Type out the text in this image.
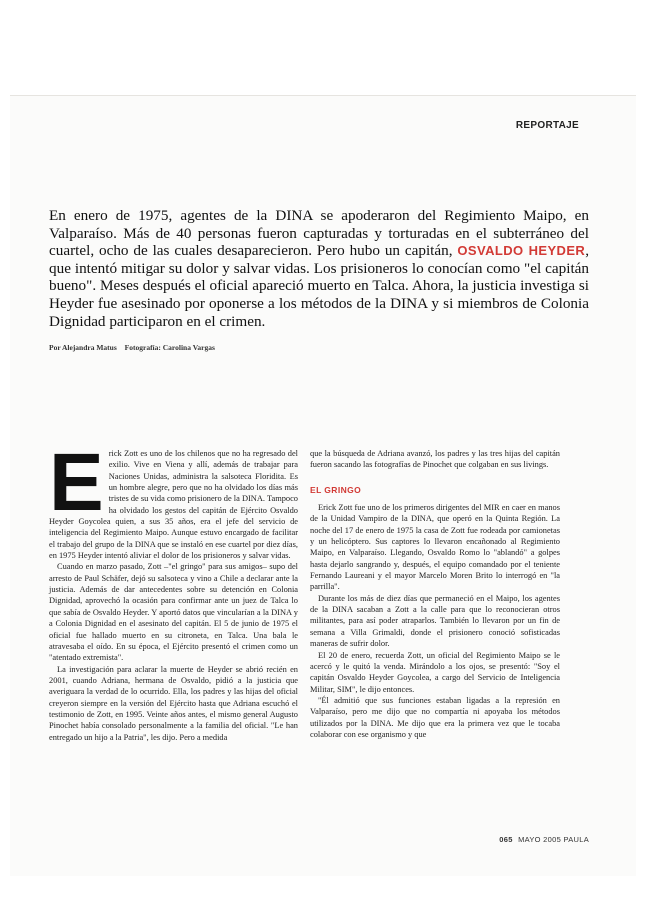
REPORTAJE

En enero de 1975, agentes de la DINA se apoderaron del Regimiento Maipo, en Valparaíso. Más de 40 personas fueron capturadas y torturadas en el subterráneo del cuartel, ocho de las cuales desaparecieron. Pero hubo un capitán, OSVALDO HEYDER, que intentó mitigar su dolor y salvar vidas. Los prisioneros lo conocían como "el capitán bueno". Meses después el oficial apareció muerto en Talca. Ahora, la justicia investiga si Heyder fue asesinado por oponerse a los métodos de la DINA y si miembros de Colonia Dignidad participaron en el crimen.

Por Alejandra Matus Fotografía: Carolina Vargas
E rick Zott es uno de los chilenos que no ha regresado del exilio. Vive en Viena y allí, además de trabajar para Naciones Unidas, administra la salsoteca Floridita. Es un hombre alegre, pero que no ha olvidado los días más tristes de su vida como prisionero de la DINA. Tampoco ha olvidado los gestos del capitán de Ejército Osvaldo Heyder Goycolea quien, a sus 35 años, era el jefe del servicio de inteligencia del Regimiento Maipo. Aunque estuvo encargado de facilitar el trabajo del grupo de la DINA que se instaló en ese cuartel por diez días, en 1975 Heyder intentó aliviar el dolor de los prisioneros y salvar vidas.

Cuando en marzo pasado, Zott –"el gringo" para sus amigos– supo del arresto de Paul Schäfer, dejó su salsoteca y vino a Chile a declarar ante la justicia. Además de dar antecedentes sobre su detención en Colonia Dignidad, aprovechó la ocasión para confirmar ante un juez de Talca lo que sabía de Osvaldo Heyder. Y aportó datos que vincularían a la DINA y a Colonia Dignidad en el asesinato del capitán. El 5 de junio de 1975 el oficial fue hallado muerto en su citroneta, en Talca. Una bala le atravesaba el oído. En su época, el Ejército presentó el crimen como un "atentado extremista".

La investigación para aclarar la muerte de Heyder se abrió recién en 2001, cuando Adriana, hermana de Osvaldo, pidió a la justicia que averiguara la verdad de lo ocurrido. Ella, los padres y las hijas del oficial creyeron siempre en la versión del Ejército hasta que Adriana escuchó el testimonio de Zott, en 1995. Veinte años antes, el mismo general Augusto Pinochet había consolado personalmente a la familia del oficial. "Le han entregado un hijo a la Patria", les dijo. Pero a medida

que la búsqueda de Adriana avanzó, los padres y las tres hijas del capitán fueron sacando las fotografías de Pinochet que colgaban en sus livings.

EL GRINGO

Erick Zott fue uno de los primeros dirigentes del MIR en caer en manos de la Unidad Vampiro de la DINA, que operó en la Quinta Región. La noche del 17 de enero de 1975 la casa de Zott fue rodeada por camionetas y un helicóptero. Sus captores lo llevaron encañonado al Regimiento Maipo, en Valparaíso. Llegando, Osvaldo Romo lo "ablandó" a golpes hasta dejarlo sangrando y, después, el equipo comandado por el teniente Fernando Laureani y el mayor Marcelo Moren Brito lo interrogó en "la parrilla".

Durante los más de diez días que permaneció en el Maipo, los agentes de la DINA sacaban a Zott a la calle para que lo reconocieran otros militantes, para así poder atraparlos. También lo llevaron por un fin de semana a Villa Grimaldi, donde el prisionero conoció sofisticadas maneras de sufrir dolor.

El 20 de enero, recuerda Zott, un oficial del Regimiento Maipo se le acercó y le quitó la venda. Mirándolo a los ojos, se presentó: "Soy el capitán Osvaldo Heyder Goycolea, a cargo del Servicio de Inteligencia Militar, SIM", le dijo entonces.

"Él admitió que sus funciones estaban ligadas a la represión en Valparaíso, pero me dijo que no compartía ni apoyaba los métodos utilizados por la DINA. Me dijo que era la primera vez que le tocaba colaborar con ese organismo y que

065 MAYO 2005 PAULA
